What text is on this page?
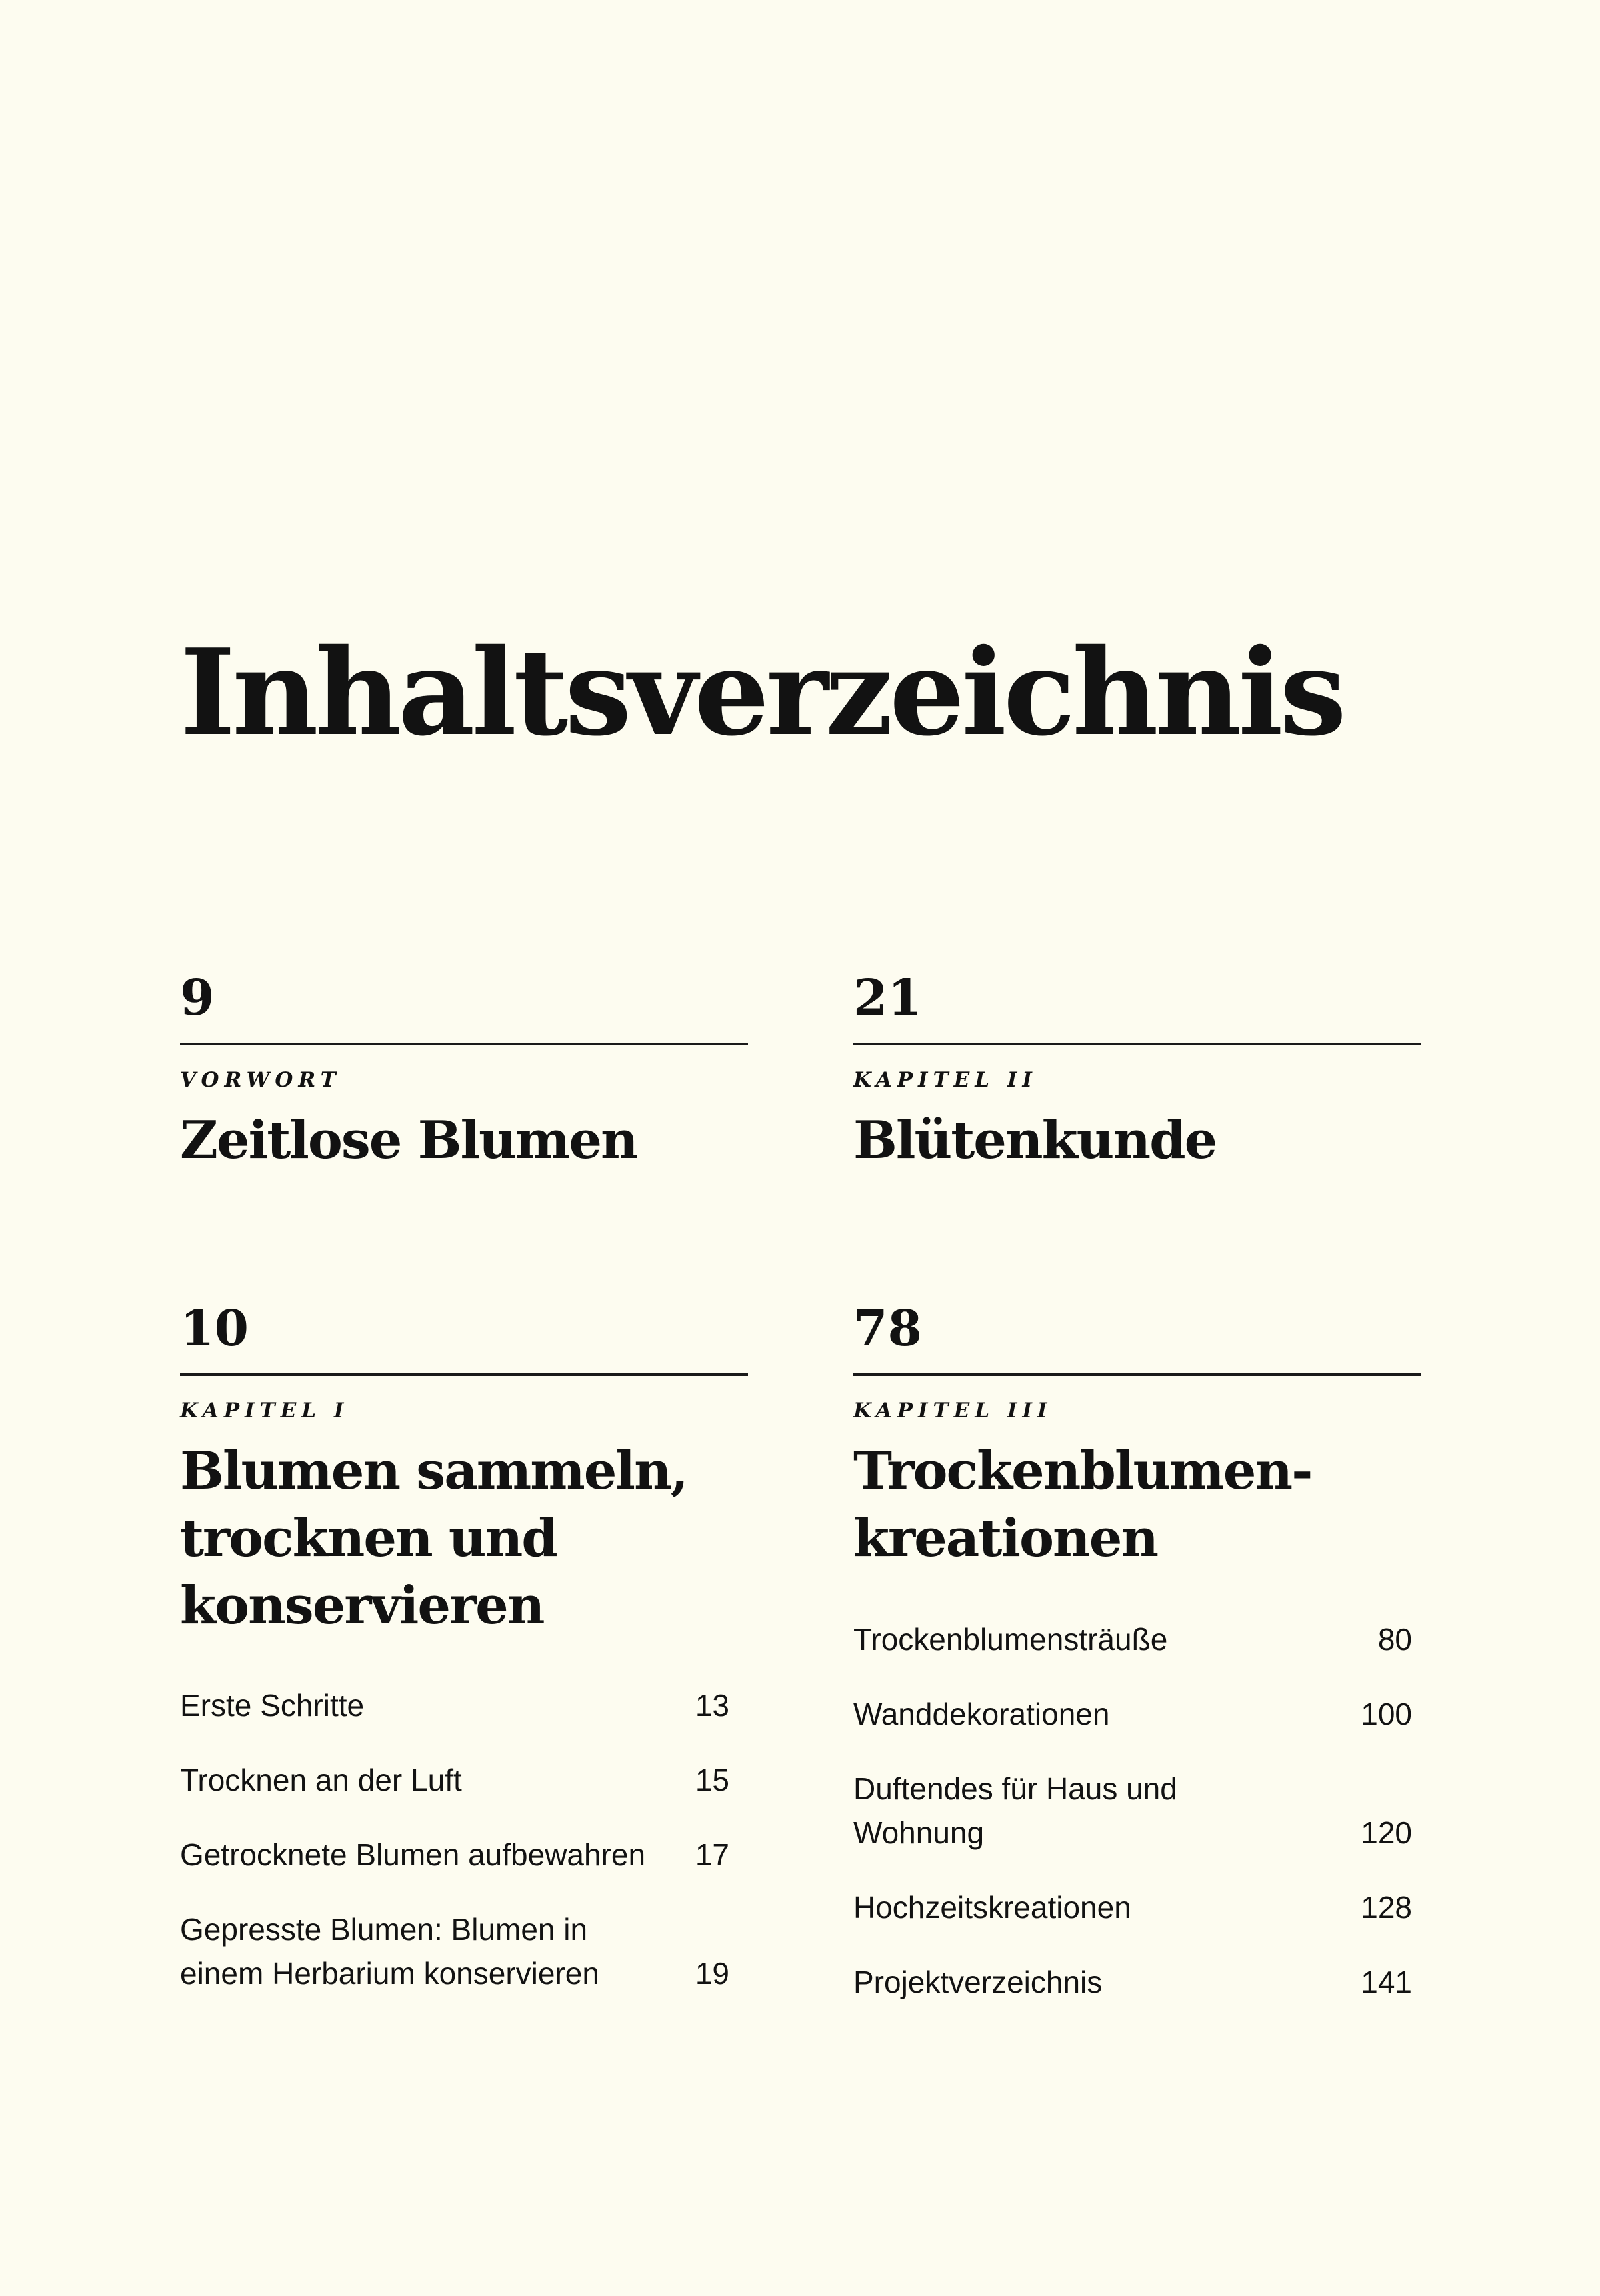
Inhaltsverzeichnis
9
VORWORT
Zeitlose Blumen
10
KAPITEL I
Blumen sammeln, trocknen und konservieren
Erste Schritte	13
Trocknen an der Luft	15
Getrocknete Blumen aufbewahren	17
Gepresste Blumen: Blumen in einem Herbarium konservieren	19
21
KAPITEL II
Blütenkunde
78
KAPITEL III
Trockenblumen-kreationen
Trockenblumensträuße	80
Wanddekorationen	100
Duftendes für Haus und Wohnung	120
Hochzeitskreationen	128
Projektverzeichnis	141
